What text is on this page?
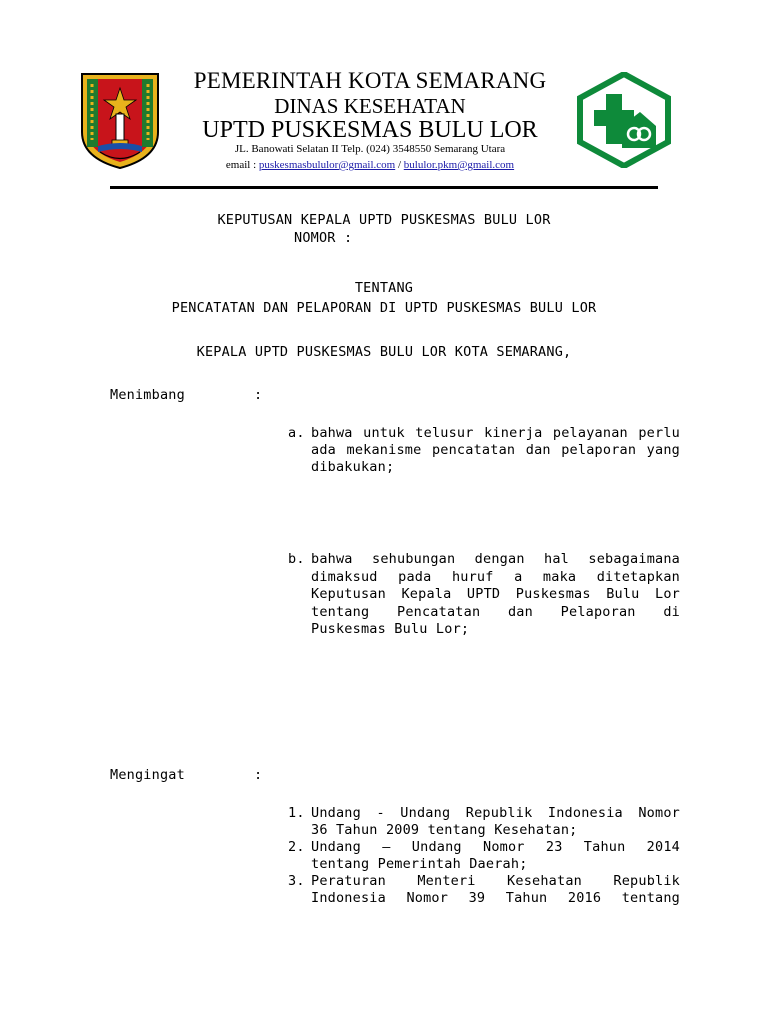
PEMERINTAH KOTA SEMARANG
DINAS KESEHATAN
UPTD PUSKESMAS BULU LOR
JL. Banowati Selatan II Telp. (024) 3548550 Semarang Utara
email : puskesmasbululor@gmail.com / bululor.pkm@gmail.com
KEPUTUSAN KEPALA UPTD PUSKESMAS BULU LOR
NOMOR :
TENTANG
PENCATATAN DAN PELAPORAN DI UPTD PUSKESMAS BULU LOR
KEPALA UPTD PUSKESMAS BULU LOR KOTA SEMARANG,
Menimbang	:
a. bahwa untuk telusur kinerja pelayanan perlu
ada mekanisme pencatatan dan pelaporan yang
dibakukan;
b. bahwa sehubungan dengan hal sebagaimana
dimaksud pada huruf a maka ditetapkan
Keputusan Kepala UPTD Puskesmas Bulu Lor
tentang Pencatatan dan Pelaporan di
Puskesmas Bulu Lor;
Mengingat	:
1. Undang - Undang Republik Indonesia Nomor
36 Tahun 2009 tentang Kesehatan;
2. Undang – Undang Nomor 23 Tahun 2014
tentang Pemerintah Daerah;
3. Peraturan Menteri Kesehatan Republik
Indonesia Nomor 39 Tahun 2016 tentang
